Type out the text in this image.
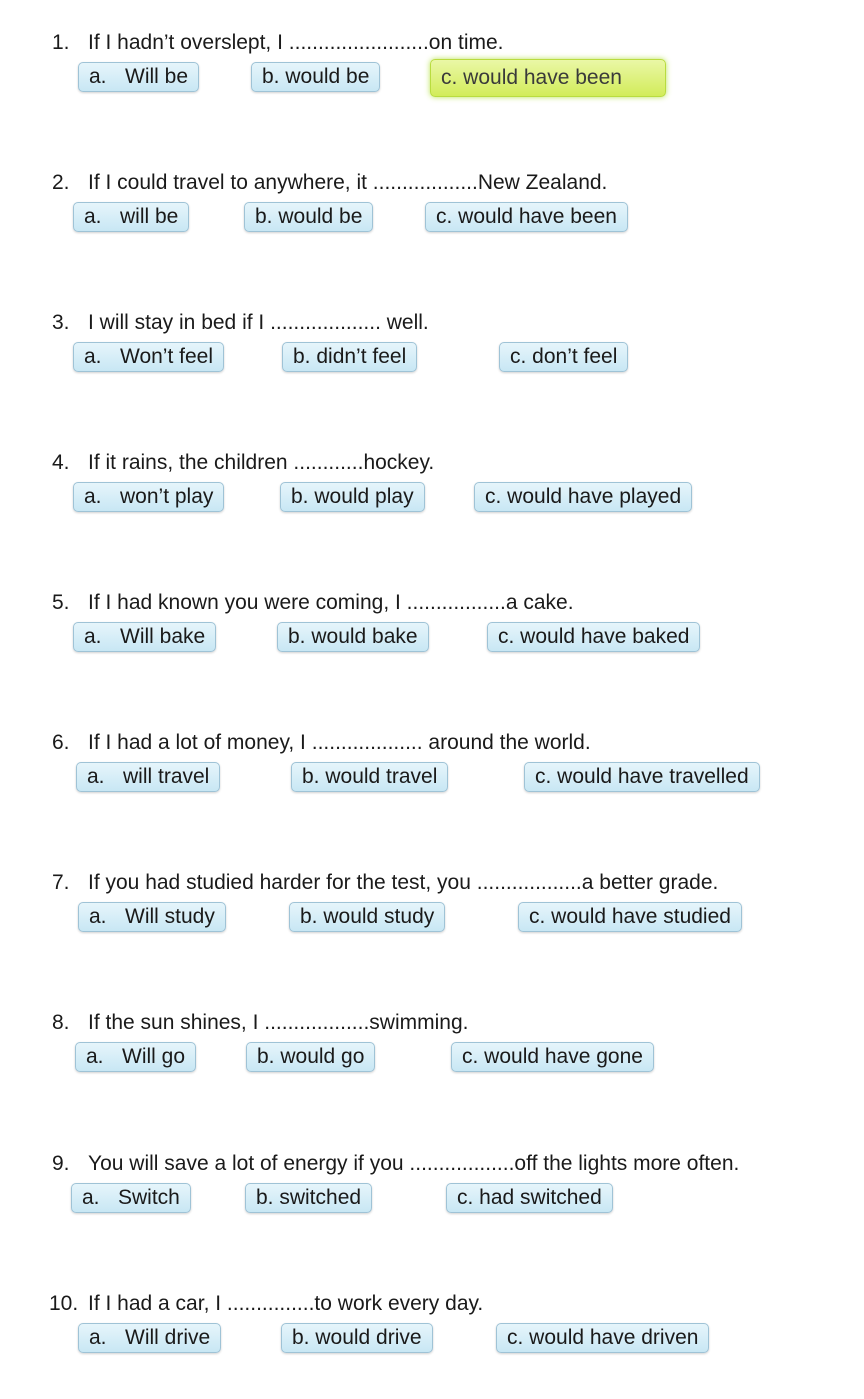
1. If I hadn’t overslept, I ........................on time.
a. Will be	b. would be	c. would have been
2. If I could travel to anywhere, it ..................New Zealand.
a. will be	b. would be	c. would have been
3. I will stay in bed if I ................... well.
a. Won’t feel	b. didn’t feel	c. don’t feel
4. If it rains, the children ............hockey.
a. won’t play	b. would play	c. would have played
5. If I had known you were coming, I .................a cake.
a. Will bake	b. would bake	c. would have baked
6. If I had a lot of money, I ................... around the world.
a. will travel	b. would travel	c. would have travelled
7. If you had studied harder for the test, you ..................a better grade.
a. Will study	b. would study	c. would have studied
8. If the sun shines, I ..................swimming.
a. Will go	b. would go	c. would have gone
9. You will save a lot of energy if you ..................off the lights more often.
a. Switch	b. switched	c. had switched
10. If I had a car, I ...............to work every day.
a. Will drive	b. would drive	c. would have driven
